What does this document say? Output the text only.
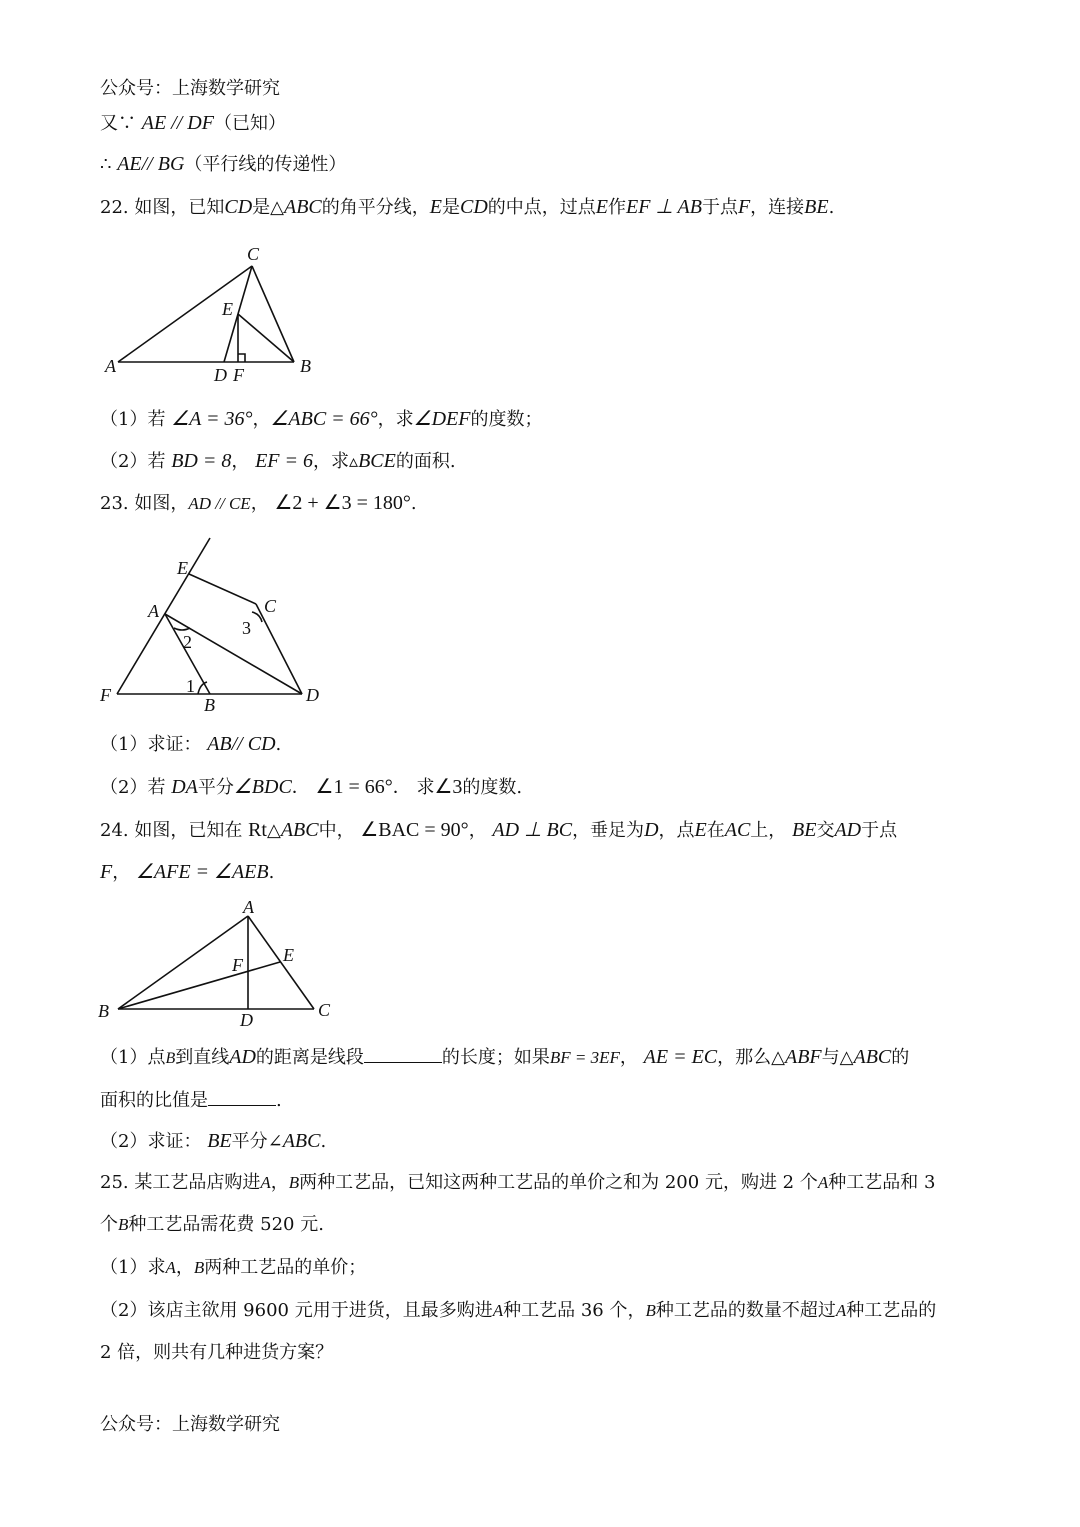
公众号：上海数学研究
又∵ AE // DF（已知）
∴ AE// BG（平行线的传递性）
22. 如图，已知CD是△ABC的角平分线，E是CD的中点，过点E作EF ⊥ AB于点F，连接BE.
C
E
A	D F	B
E
A	C
3
2
1
F	B	D
A
E
F
B	D	C
（1）若 ∠A = 36°，∠ABC = 66°，求∠DEF的度数；
（2）若 BD = 8， EF = 6，求▵BCE的面积.
23. 如图，AD // CE， ∠2 + ∠3 = 180°.
（1）求证： AB// CD.
（2）若 DA平分∠BDC． ∠1 = 66°． 求∠3的度数.
24. 如图，已知在 Rt△ABC中， ∠BAC = 90°， AD ⊥ BC，垂足为D，点E在AC上， BE交AD于点
F， ∠AFE = ∠AEB.
（1）点B到直线AD的距离是线段	的长度；如果BF = 3EF， AE = EC，那么△ABF与△ABC的
面积的比值是	.
（2）求证： BE平分∠ABC.
25. 某工艺品店购进A，B两种工艺品，已知这两种工艺品的单价之和为 200 元，购进 2 个A种工艺品和 3
个B种工艺品需花费 520 元.
（1）求A，B两种工艺品的单价；
（2）该店主欲用 9600 元用于进货，且最多购进A种工艺品 36 个，B种工艺品的数量不超过A种工艺品的
2 倍，则共有几种进货方案？
公众号：上海数学研究
